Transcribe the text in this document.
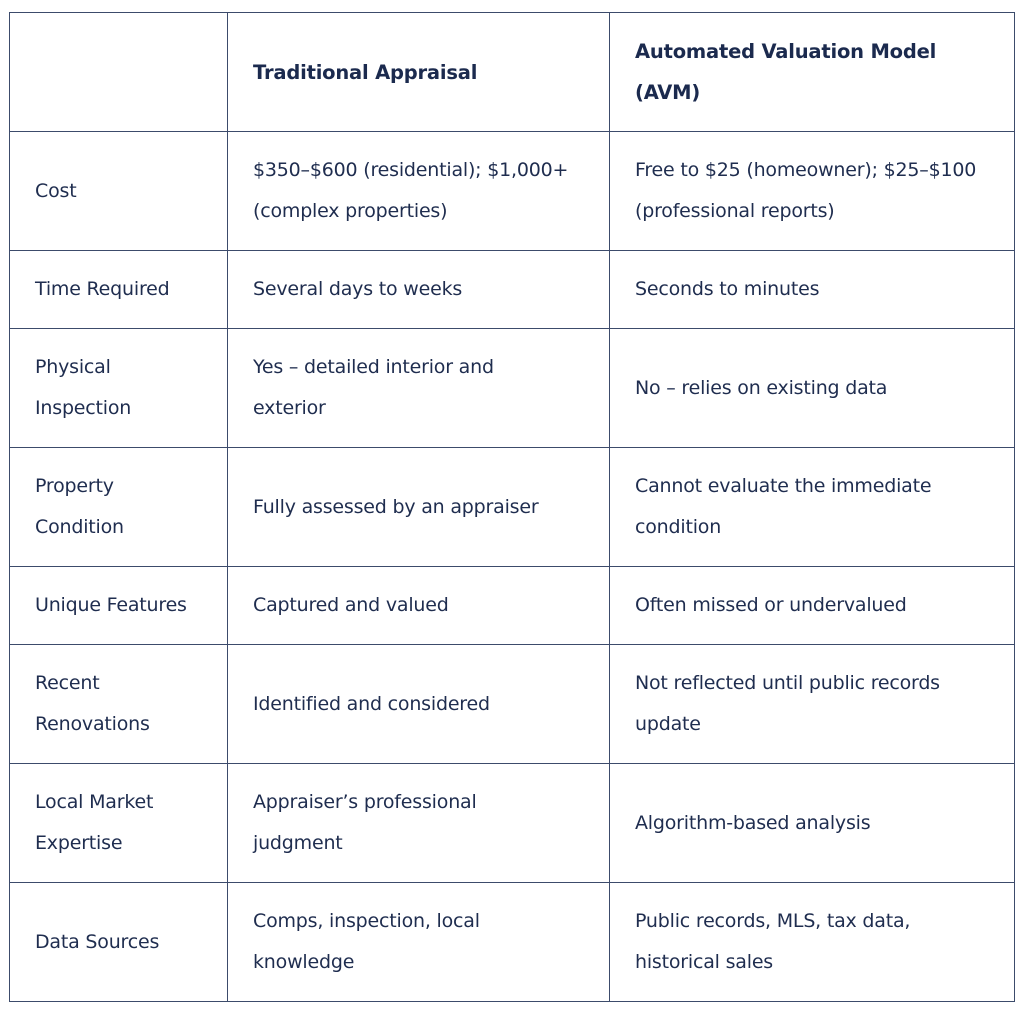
	Traditional Appraisal	Automated Valuation Model (AVM)
Cost	$350–$600 (residential); $1,000+ (complex properties)	Free to $25 (homeowner); $25–$100 (professional reports)
Time Required	Several days to weeks	Seconds to minutes
Physical Inspection	Yes – detailed interior and exterior	No – relies on existing data
Property Condition	Fully assessed by an appraiser	Cannot evaluate the immediate condition
Unique Features	Captured and valued	Often missed or undervalued
Recent Renovations	Identified and considered	Not reflected until public records update
Local Market Expertise	Appraiser’s professional judgment	Algorithm-based analysis
Data Sources	Comps, inspection, local knowledge	Public records, MLS, tax data, historical sales
